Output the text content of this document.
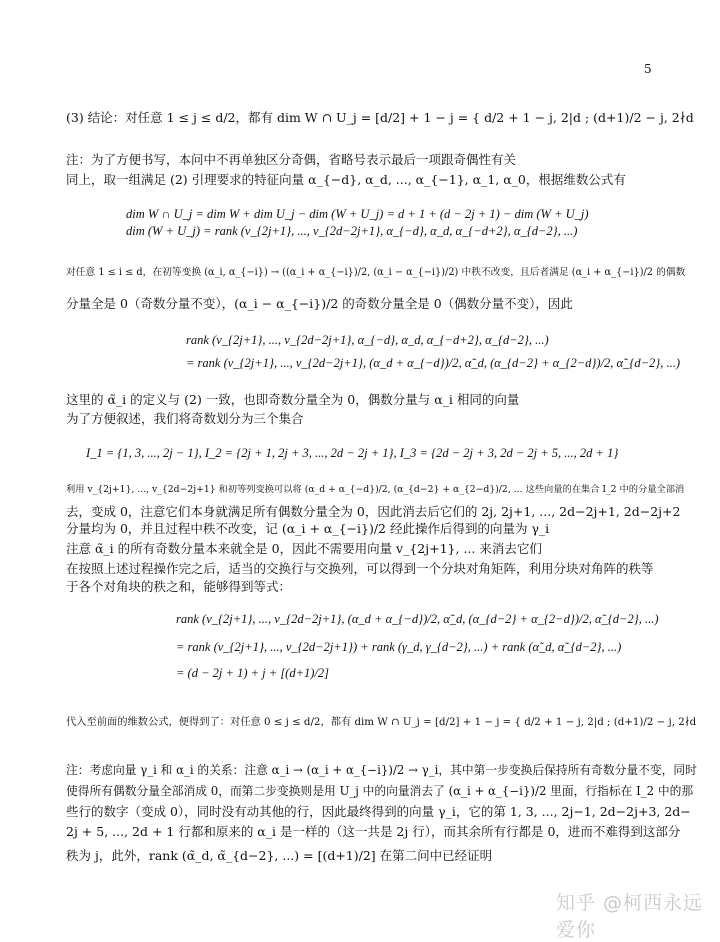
5
(3) 结论：对任意 1 ≤ j ≤ d/2，都有 dim W ∩ U_j = [d/2] + 1 − j = { d/2 + 1 − j, 2|d ; (d+1)/2 − j, 2∤d
注：为了方便书写，本问中不再单独区分奇偶，省略号表示最后一项跟奇偶性有关
同上，取一组满足 (2) 引理要求的特征向量 α_{−d}, α_d, ..., α_{−1}, α_1, α_0，根据维数公式有
dim W ∩ U_j = dim W + dim U_j − dim (W + U_j) = d + 1 + (d − 2j + 1) − dim (W + U_j)
dim (W + U_j) = rank (v_{2j+1}, ..., v_{2d−2j+1}, α_{−d}, α_d, α_{−d+2}, α_{d−2}, ...)
对任意 1 ≤ i ≤ d，在初等变换 (α_i, α_{−i}) → ((α_i + α_{−i})/2, (α_i − α_{−i})/2) 中秩不改变，且后者满足 (α_i + α_{−i})/2 的偶数
分量全是 0（奇数分量不变），(α_i − α_{−i})/2 的奇数分量全是 0（偶数分量不变），因此
rank (v_{2j+1}, ..., v_{2d−2j+1}, α_{−d}, α_d, α_{−d+2}, α_{d−2}, ...)
= rank (v_{2j+1}, ..., v_{2d−2j+1}, (α_d + α_{−d})/2, α̃_d, (α_{d−2} + α_{2−d})/2, α̃_{d−2}, ...)
这里的 α̃_i 的定义与 (2) 一致，也即奇数分量全为 0，偶数分量与 α_i 相同的向量
为了方便叙述，我们将奇数划分为三个集合
I_1 = {1, 3, ..., 2j − 1}, I_2 = {2j + 1, 2j + 3, ..., 2d − 2j + 1}, I_3 = {2d − 2j + 3, 2d − 2j + 5, ..., 2d + 1}
利用 v_{2j+1}, ..., v_{2d−2j+1} 和初等列变换可以将 (α_d + α_{−d})/2, (α_{d−2} + α_{2−d})/2, ... 这些向量的在集合 I_2 中的分量全部消
去，变成 0，注意它们本身就满足所有偶数分量全为 0，因此消去后它们的 2j, 2j+1, ..., 2d−2j+1, 2d−2j+2
分量均为 0，并且过程中秩不改变，记 (α_i + α_{−i})/2 经此操作后得到的向量为 γ_i
注意 α̃_i 的所有奇数分量本来就全是 0，因此不需要用向量 v_{2j+1}, ... 来消去它们
在按照上述过程操作完之后，适当的交换行与交换列，可以得到一个分块对角矩阵，利用分块对角阵的秩等
于各个对角块的秩之和，能够得到等式：
rank (v_{2j+1}, ..., v_{2d−2j+1}, (α_d + α_{−d})/2, α̃_d, (α_{d−2} + α_{2−d})/2, α̃_{d−2}, ...)
= rank (v_{2j+1}, ..., v_{2d−2j+1}) + rank (γ_d, γ_{d−2}, ...) + rank (α̃_d, α̃_{d−2}, ...)
= (d − 2j + 1) + j + [(d+1)/2]
代入至前面的维数公式，便得到了：对任意 0 ≤ j ≤ d/2，都有 dim W ∩ U_j = [d/2] + 1 − j = { d/2 + 1 − j, 2|d ; (d+1)/2 − j, 2∤d
注：考虑向量 γ_i 和 α_i 的关系：注意 α_i → (α_i + α_{−i})/2 → γ_i，其中第一步变换后保持所有奇数分量不变，同时
使得所有偶数分量全部消成 0，而第二步变换则是用 U_j 中的向量消去了 (α_i + α_{−i})/2 里面，行指标在 I_2 中的那
些行的数字（变成 0），同时没有动其他的行，因此最终得到的向量 γ_i，它的第 1, 3, ..., 2j−1, 2d−2j+3, 2d−
2j + 5, ..., 2d + 1 行都和原来的 α_i 是一样的（这一共是 2j 行），而其余所有行都是 0，进而不难得到这部分
秩为 j，此外，rank (α̃_d, α̃_{d−2}, ...) = [(d+1)/2] 在第二问中已经证明
知乎 @柯西永远爱你
